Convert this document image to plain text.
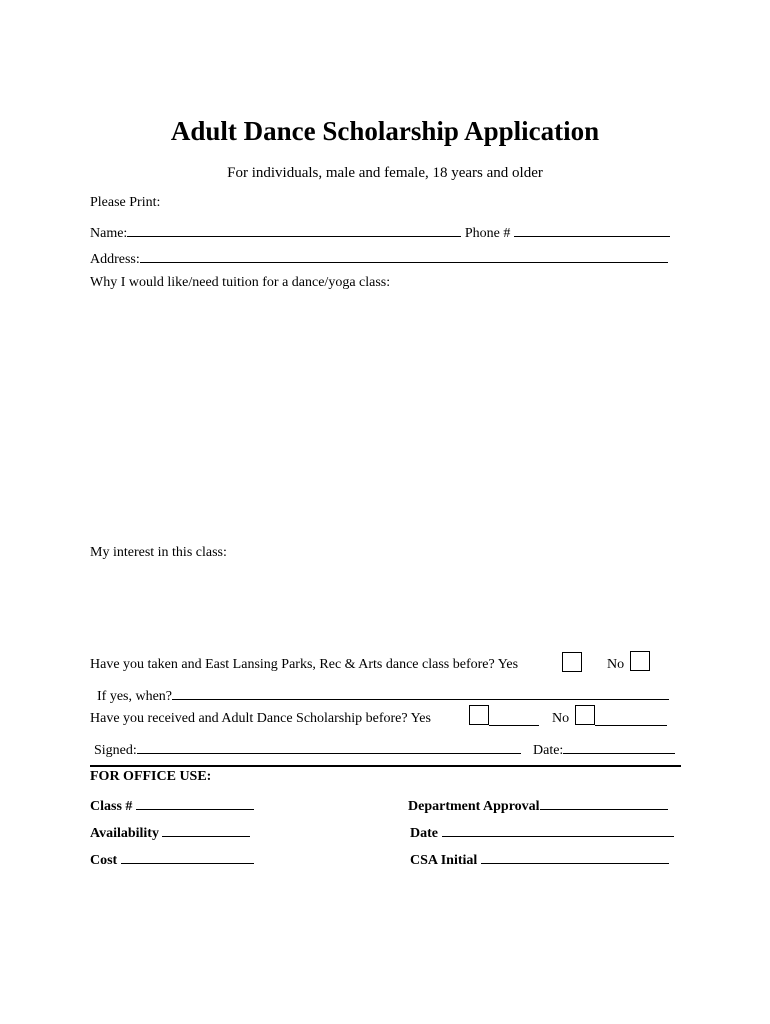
Adult Dance Scholarship Application
For individuals, male and female, 18 years and older
Please Print:
Name:	Phone #
Address:
Why I would like/need tuition for a dance/yoga class:
My interest in this class:
Have you taken and East Lansing Parks, Rec & Arts dance class before? Yes	No
If yes, when?
Have you received and Adult Dance Scholarship before? Yes	No
Signed:	Date:
FOR OFFICE USE:
Class #	Department Approval
Availability	Date
Cost	CSA Initial
